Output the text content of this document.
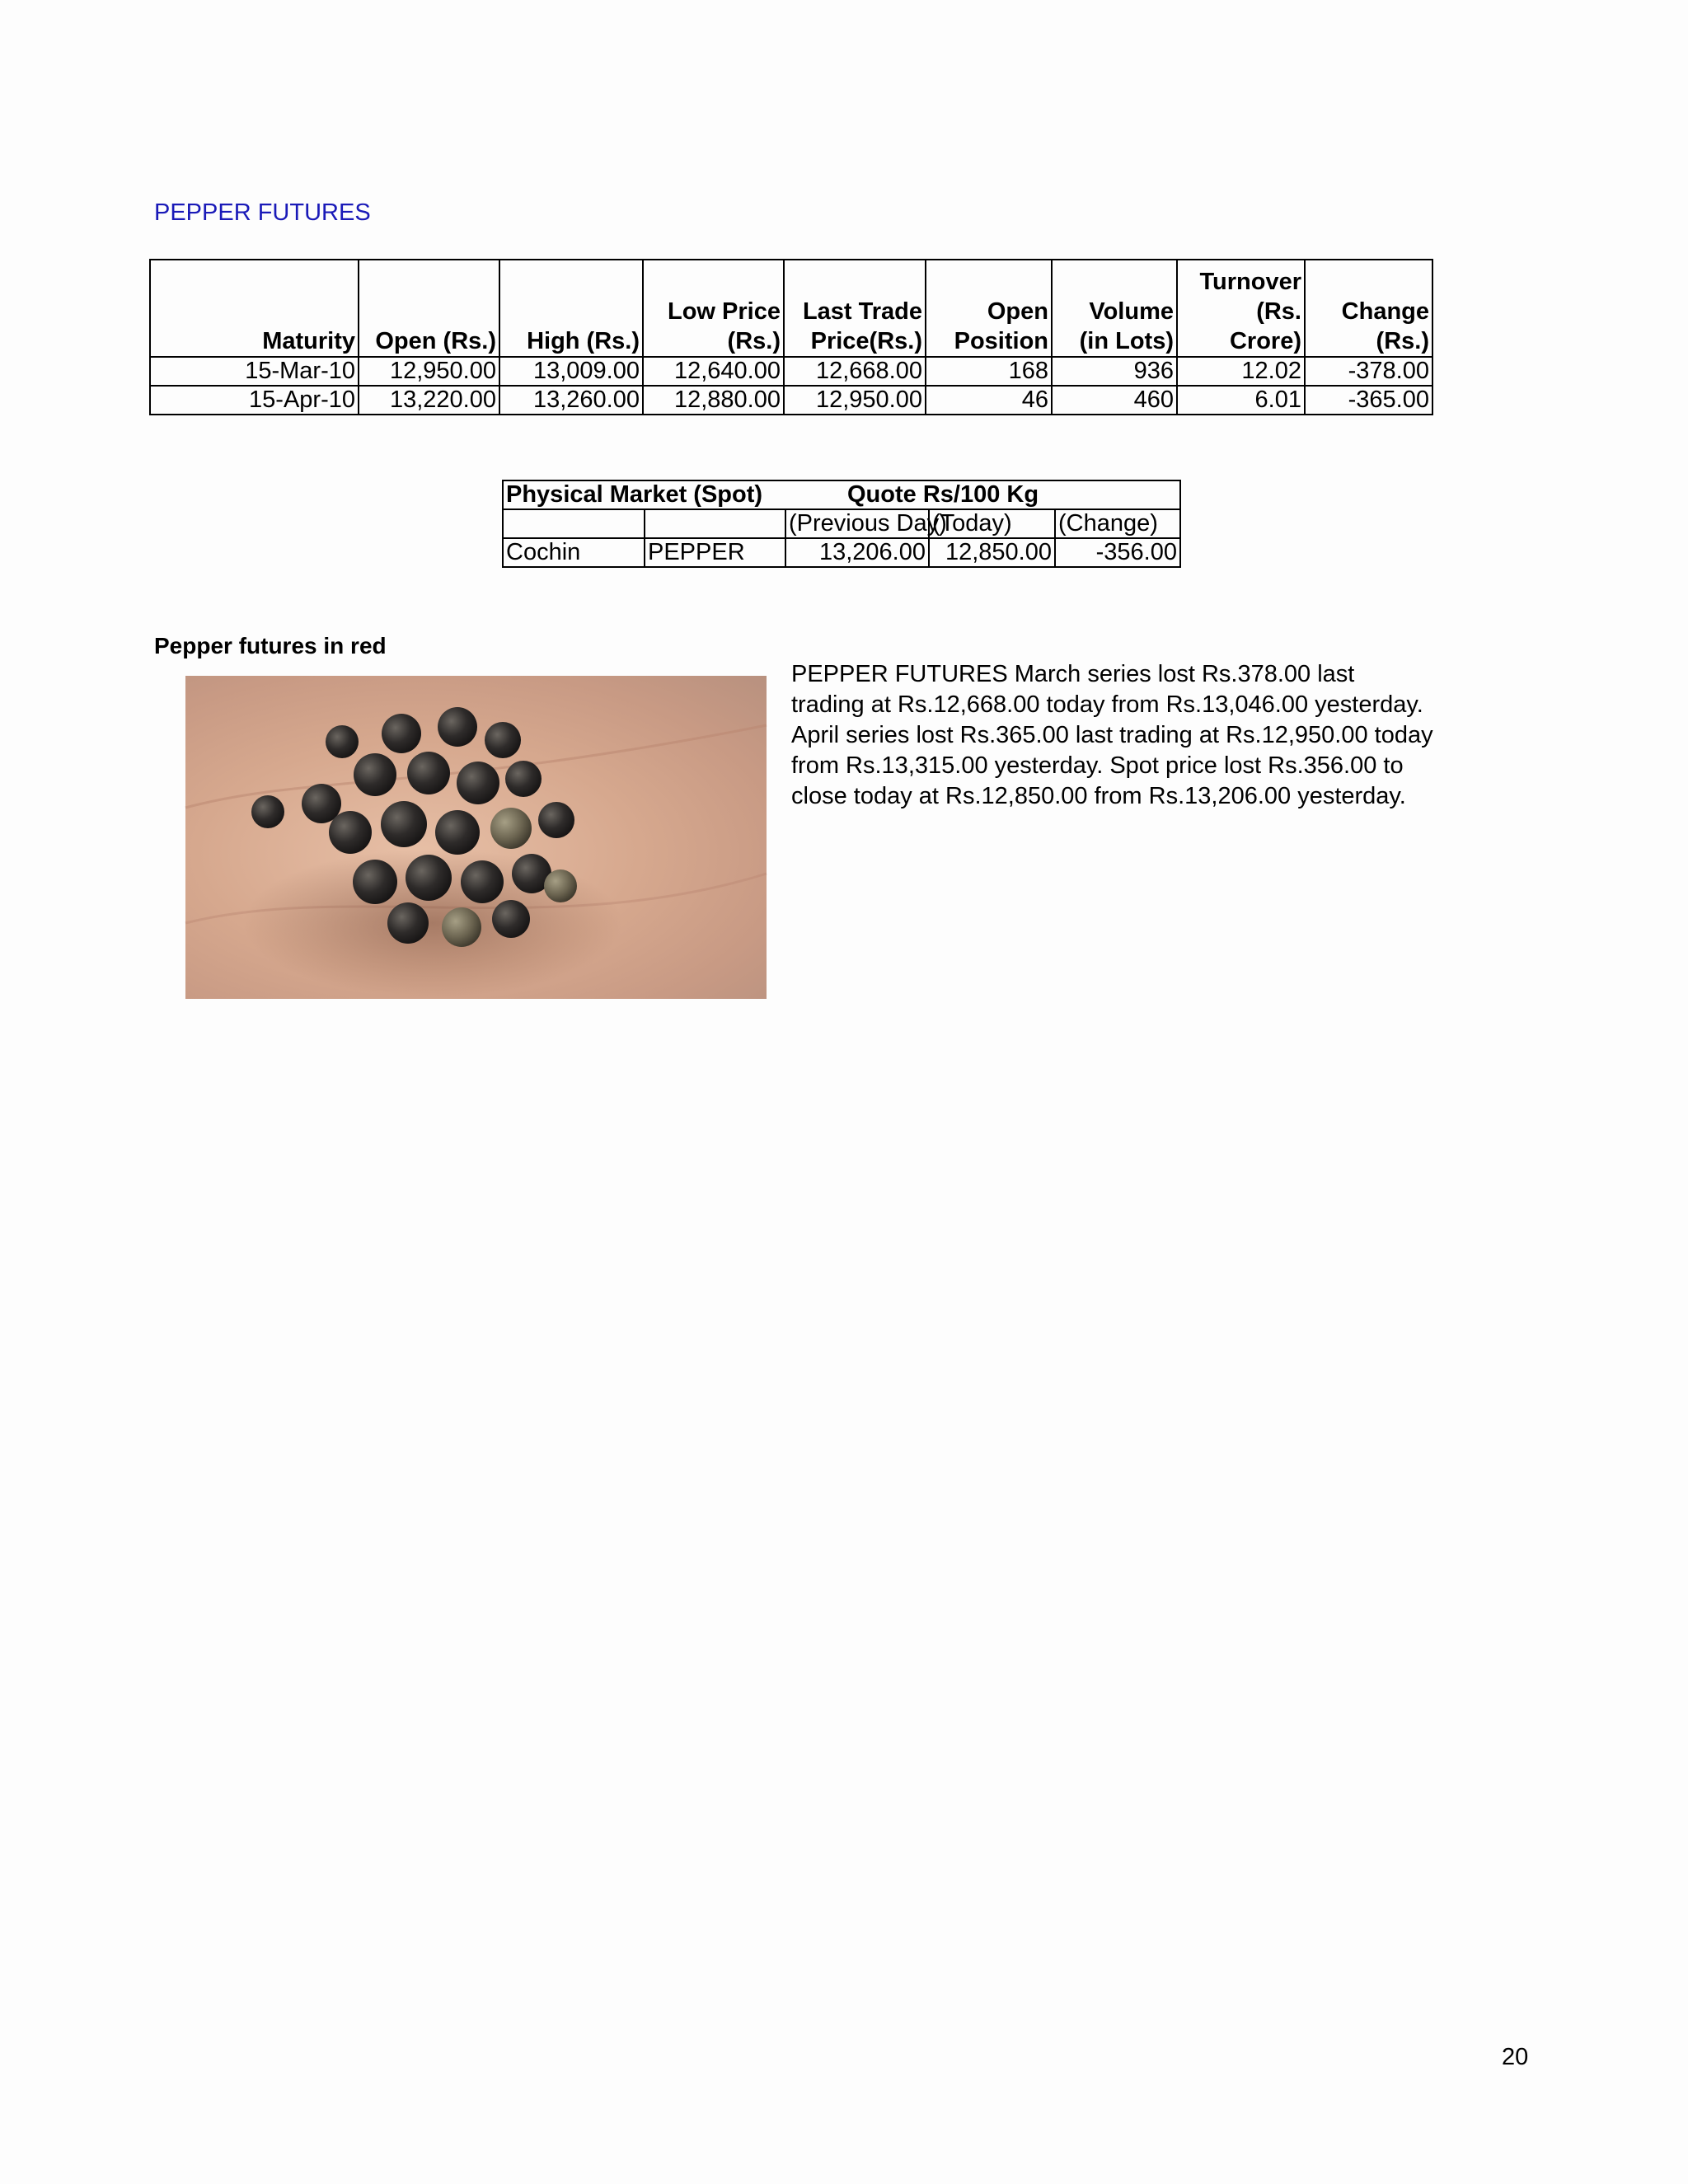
PEPPER FUTURES
Maturity	Open (Rs.)	High (Rs.)	Low Price (Rs.)	Last Trade Price(Rs.)	Open Position	Volume (in Lots)	Turnover (Rs. Crore)	Change (Rs.)
15-Mar-10	12,950.00	13,009.00	12,640.00	12,668.00	168	936	12.02	-378.00
15-Apr-10	13,220.00	13,260.00	12,880.00	12,950.00	46	460	6.01	-365.00
Physical Market (Spot)		Quote Rs/100 Kg		
		(Previous Day)	(Today)	(Change)
Cochin	PEPPER	13,206.00	12,850.00	-356.00
Pepper futures in red
PEPPER FUTURES March series lost Rs.378.00 last trading at Rs.12,668.00 today from Rs.13,046.00 yesterday. April series lost Rs.365.00 last trading at Rs.12,950.00 today from Rs.13,315.00 yesterday. Spot price lost Rs.356.00 to close today at Rs.12,850.00 from Rs.13,206.00 yesterday.
20
